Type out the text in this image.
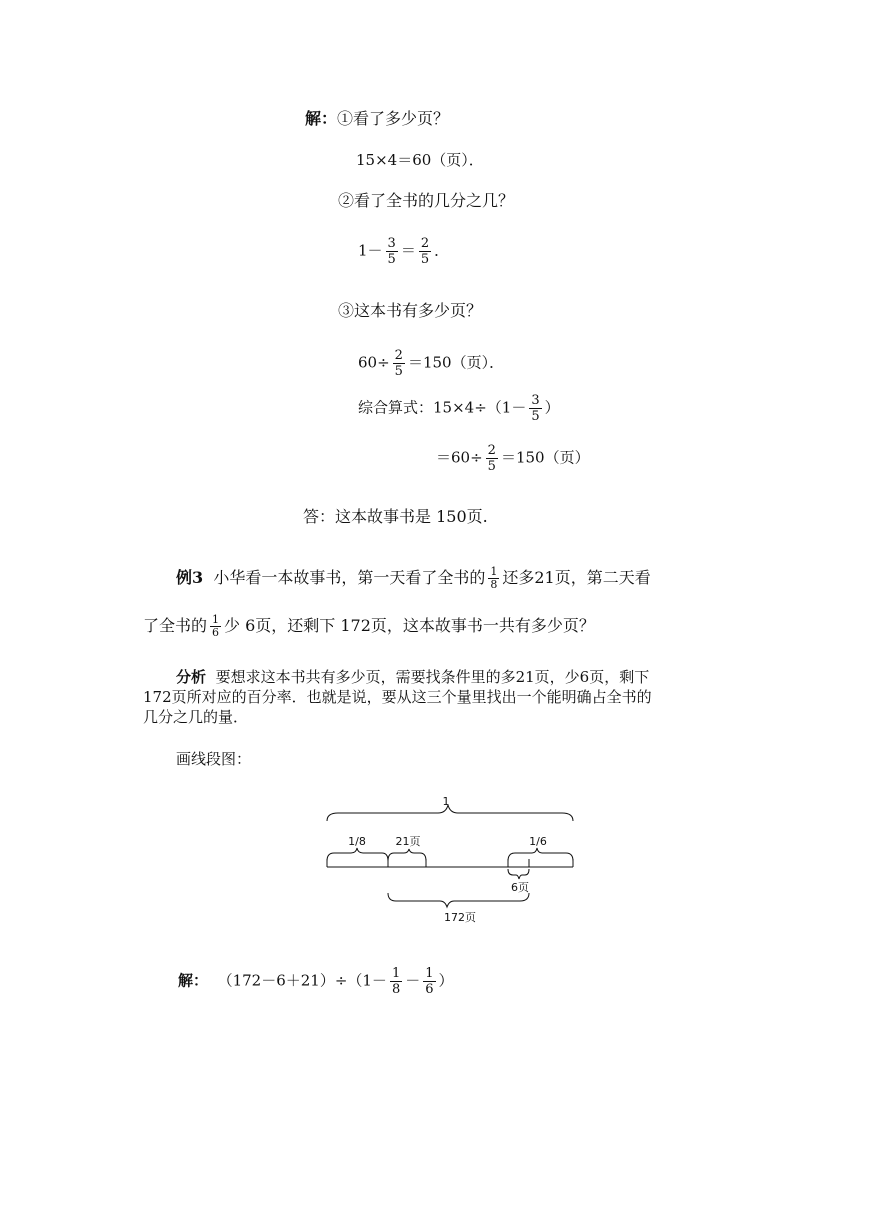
解：①看了多少页？
15×4＝60（页）．
②看了全书的几分之几？
$1- \frac{3}{5} = \frac{2}{5}$ ．
③这本书有多少页？
$60\div \frac{2}{5} =150$（页）．
综合算式：$15\times 4\div(1- \frac{3}{5}$ ）
$=60\div \frac{2}{5} =150$（页）
答：这本故事书是 150页.
例3 小华看一本故事书，第一天看了全书的 $\frac{1}{8}$ 还多21页，第二天看
了全书的 $\frac{1}{6}$ 少 6页，还剩下 172页，这本故事书一共有多少页？
分析 要想求这本书共有多少页，需要找条件里的多21页，少6页，剩下
172页所对应的百分率．也就是说，要从这三个量里找出一个能明确占全书的
几分之几的量．
画线段图：
1
1/8	21页	1/6
6页
172页
解： $(172-6+21)\div(1- \frac{1}{8} - \frac{1}{6}$ ）
